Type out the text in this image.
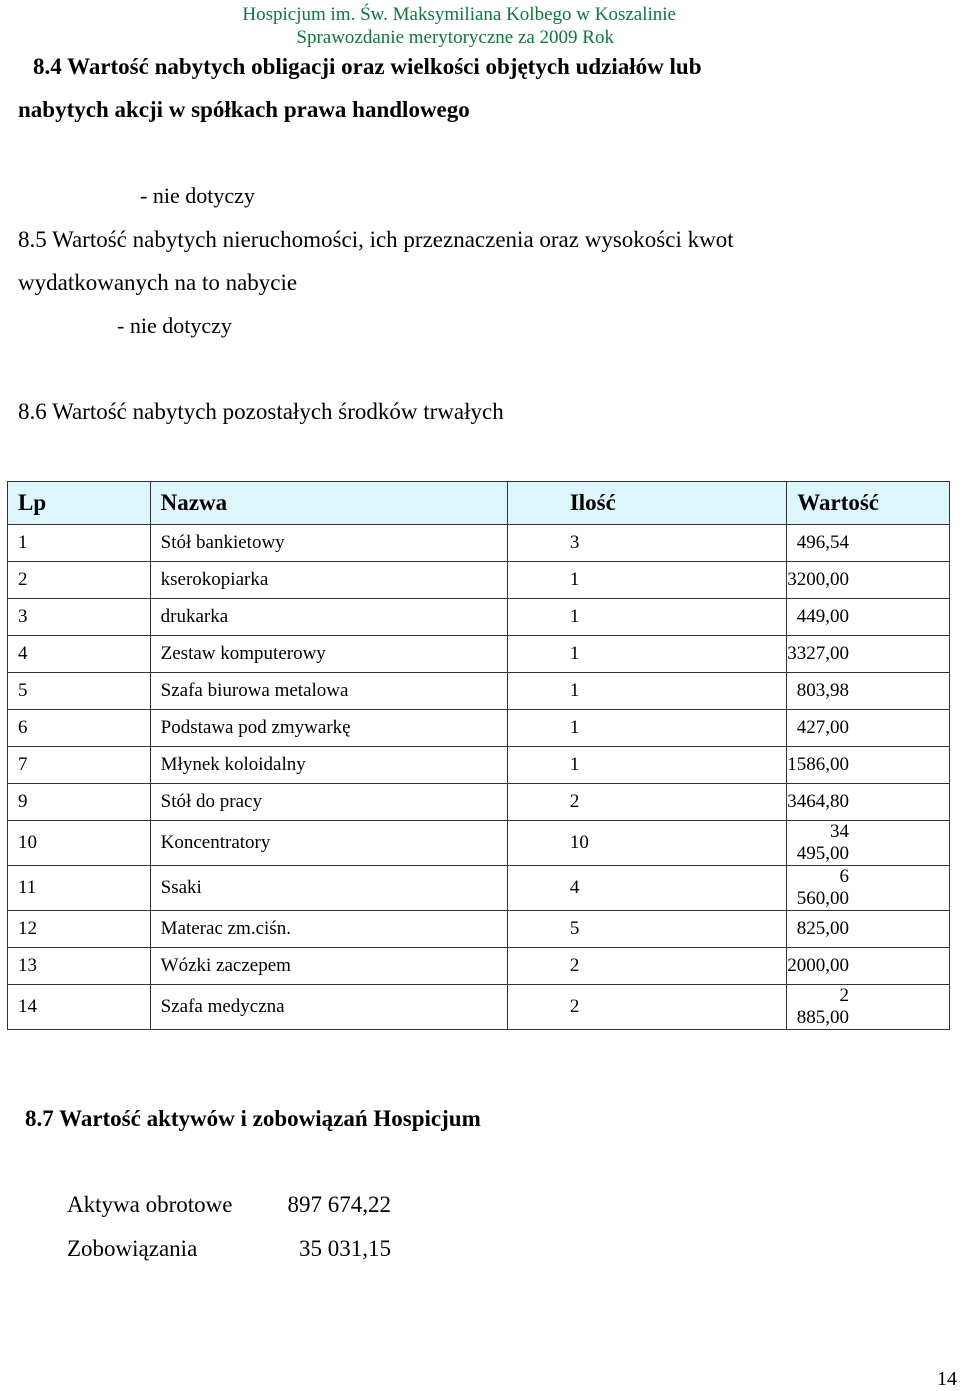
Hospicjum im. Św. Maksymiliana Kolbego w Koszalinie
Sprawozdanie merytoryczne za 2009 Rok
8.4 Wartość nabytych obligacji oraz wielkości objętych udziałów lub
nabytych akcji w spółkach prawa handlowego
- nie dotyczy
8.5 Wartość nabytych nieruchomości, ich przeznaczenia oraz wysokości kwot
wydatkowanych na to nabycie
- nie dotyczy
8.6 Wartość nabytych pozostałych środków trwałych
Lp	Nazwa	Ilość	Wartość
1	Stół bankietowy	3	496,54
2	kserokopiarka	1	3200,00
3	drukarka	1	449,00
4	Zestaw komputerowy	1	3327,00
5	Szafa biurowa metalowa	1	803,98
6	Podstawa pod zmywarkę	1	427,00
7	Młynek koloidalny	1	1586,00
9	Stół do pracy	2	3464,80
10	Koncentratory	10	34 495,00
11	Ssaki	4	6 560,00
12	Materac zm.ciśn.	5	825,00
13	Wózki zaczepem	2	2000,00
14	Szafa medyczna	2	2 885,00
8.7 Wartość aktywów i zobowiązań Hospicjum
Aktywa obrotowe	897 674,22
Zobowiązania	35 031,15
14
